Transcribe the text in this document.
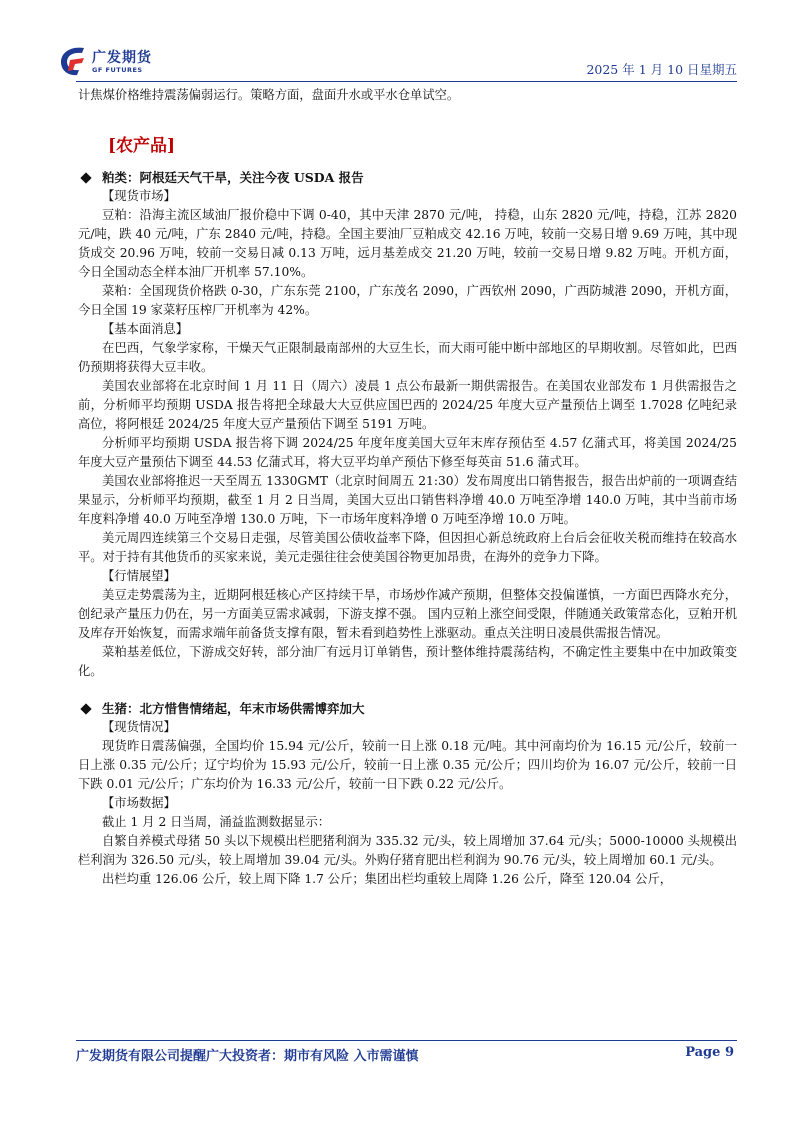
广发期货
GF FUTURES	2025 年 1 月 10 日星期五

计焦煤价格维持震荡偏弱运行。策略方面，盘面升水或平水仓单试空。

[农产品]

粕类：阿根廷天气干旱，关注今夜 USDA 报告

【现货市场】

豆粕：沿海主流区域油厂报价稳中下调 0-40，其中天津 2870 元/吨， 持稳，山东 2820 元/吨，持稳，江苏 2820 元/吨，跌 40 元/吨，广东 2840 元/吨，持稳。全国主要油厂豆粕成交 42.16 万吨，较前一交易日增 9.69 万吨，其中现货成交 20.96 万吨，较前一交易日减 0.13 万吨，远月基差成交 21.20 万吨，较前一交易日增 9.82 万吨。开机方面，今日全国动态全样本油厂开机率 57.10%。

菜粕：全国现货价格跌 0-30，广东东莞 2100，广东茂名 2090，广西钦州 2090，广西防城港 2090，开机方面，今日全国 19 家菜籽压榨厂开机率为 42%。

【基本面消息】

在巴西，气象学家称，干燥天气正限制最南部州的大豆生长，而大雨可能中断中部地区的早期收割。尽管如此，巴西仍预期将获得大豆丰收。

美国农业部将在北京时间 1 月 11 日（周六）凌晨 1 点公布最新一期供需报告。在美国农业部发布 1 月供需报告之前，分析师平均预期 USDA 报告将把全球最大大豆供应国巴西的 2024/25 年度大豆产量预估上调至 1.7028 亿吨纪录高位，将阿根廷 2024/25 年度大豆产量预估下调至 5191 万吨。

分析师平均预期 USDA 报告将下调 2024/25 年度年度美国大豆年末库存预估至 4.57 亿蒲式耳，将美国 2024/25 年度大豆产量预估下调至 44.53 亿蒲式耳，将大豆平均单产预估下修至每英亩 51.6 蒲式耳。

美国农业部将推迟一天至周五 1330GMT（北京时间周五 21:30）发布周度出口销售报告，报告出炉前的一项调查结果显示，分析师平均预期，截至 1 月 2 日当周，美国大豆出口销售料净增 40.0 万吨至净增 140.0 万吨，其中当前市场年度料净增 40.0 万吨至净增 130.0 万吨，下一市场年度料净增 0 万吨至净增 10.0 万吨。

美元周四连续第三个交易日走强，尽管美国公债收益率下降，但因担心新总统政府上台后会征收关税而维持在较高水平。对于持有其他货币的买家来说，美元走强往往会使美国谷物更加昂贵，在海外的竞争力下降。

【行情展望】

美豆走势震荡为主，近期阿根廷核心产区持续干旱，市场炒作减产预期，但整体交投偏谨慎，一方面巴西降水充分，创纪录产量压力仍在，另一方面美豆需求减弱，下游支撑不强。 国内豆粕上涨空间受限，伴随通关政策常态化，豆粕开机及库存开始恢复，而需求端年前备货支撑有限，暂未看到趋势性上涨驱动。重点关注明日凌晨供需报告情况。

菜粕基差低位，下游成交好转，部分油厂有远月订单销售，预计整体维持震荡结构，不确定性主要集中在中加政策变化。

生猪：北方惜售情绪起，年末市场供需博弈加大

【现货情况】

现货昨日震荡偏强，全国均价 15.94 元/公斤，较前一日上涨 0.18 元/吨。其中河南均价为 16.15 元/公斤，较前一日上涨 0.35 元/公斤；辽宁均价为 15.93 元/公斤，较前一日上涨 0.35 元/公斤；四川均价为 16.07 元/公斤，较前一日下跌 0.01 元/公斤；广东均价为 16.33 元/公斤，较前一日下跌 0.22 元/公斤。

【市场数据】

截止 1 月 2 日当周，涌益监测数据显示：

自繁自养模式母猪 50 头以下规模出栏肥猪利润为 335.32 元/头，较上周增加 37.64 元/头；5000-10000 头规模出栏利润为 326.50 元/头，较上周增加 39.04 元/头。外购仔猪育肥出栏利润为 90.76 元/头，较上周增加 60.1 元/头。

出栏均重 126.06 公斤，较上周下降 1.7 公斤；集团出栏均重较上周降 1.26 公斤，降至 120.04 公斤，

广发期货有限公司提醒广大投资者：期市有风险 入市需谨慎	Page 9
